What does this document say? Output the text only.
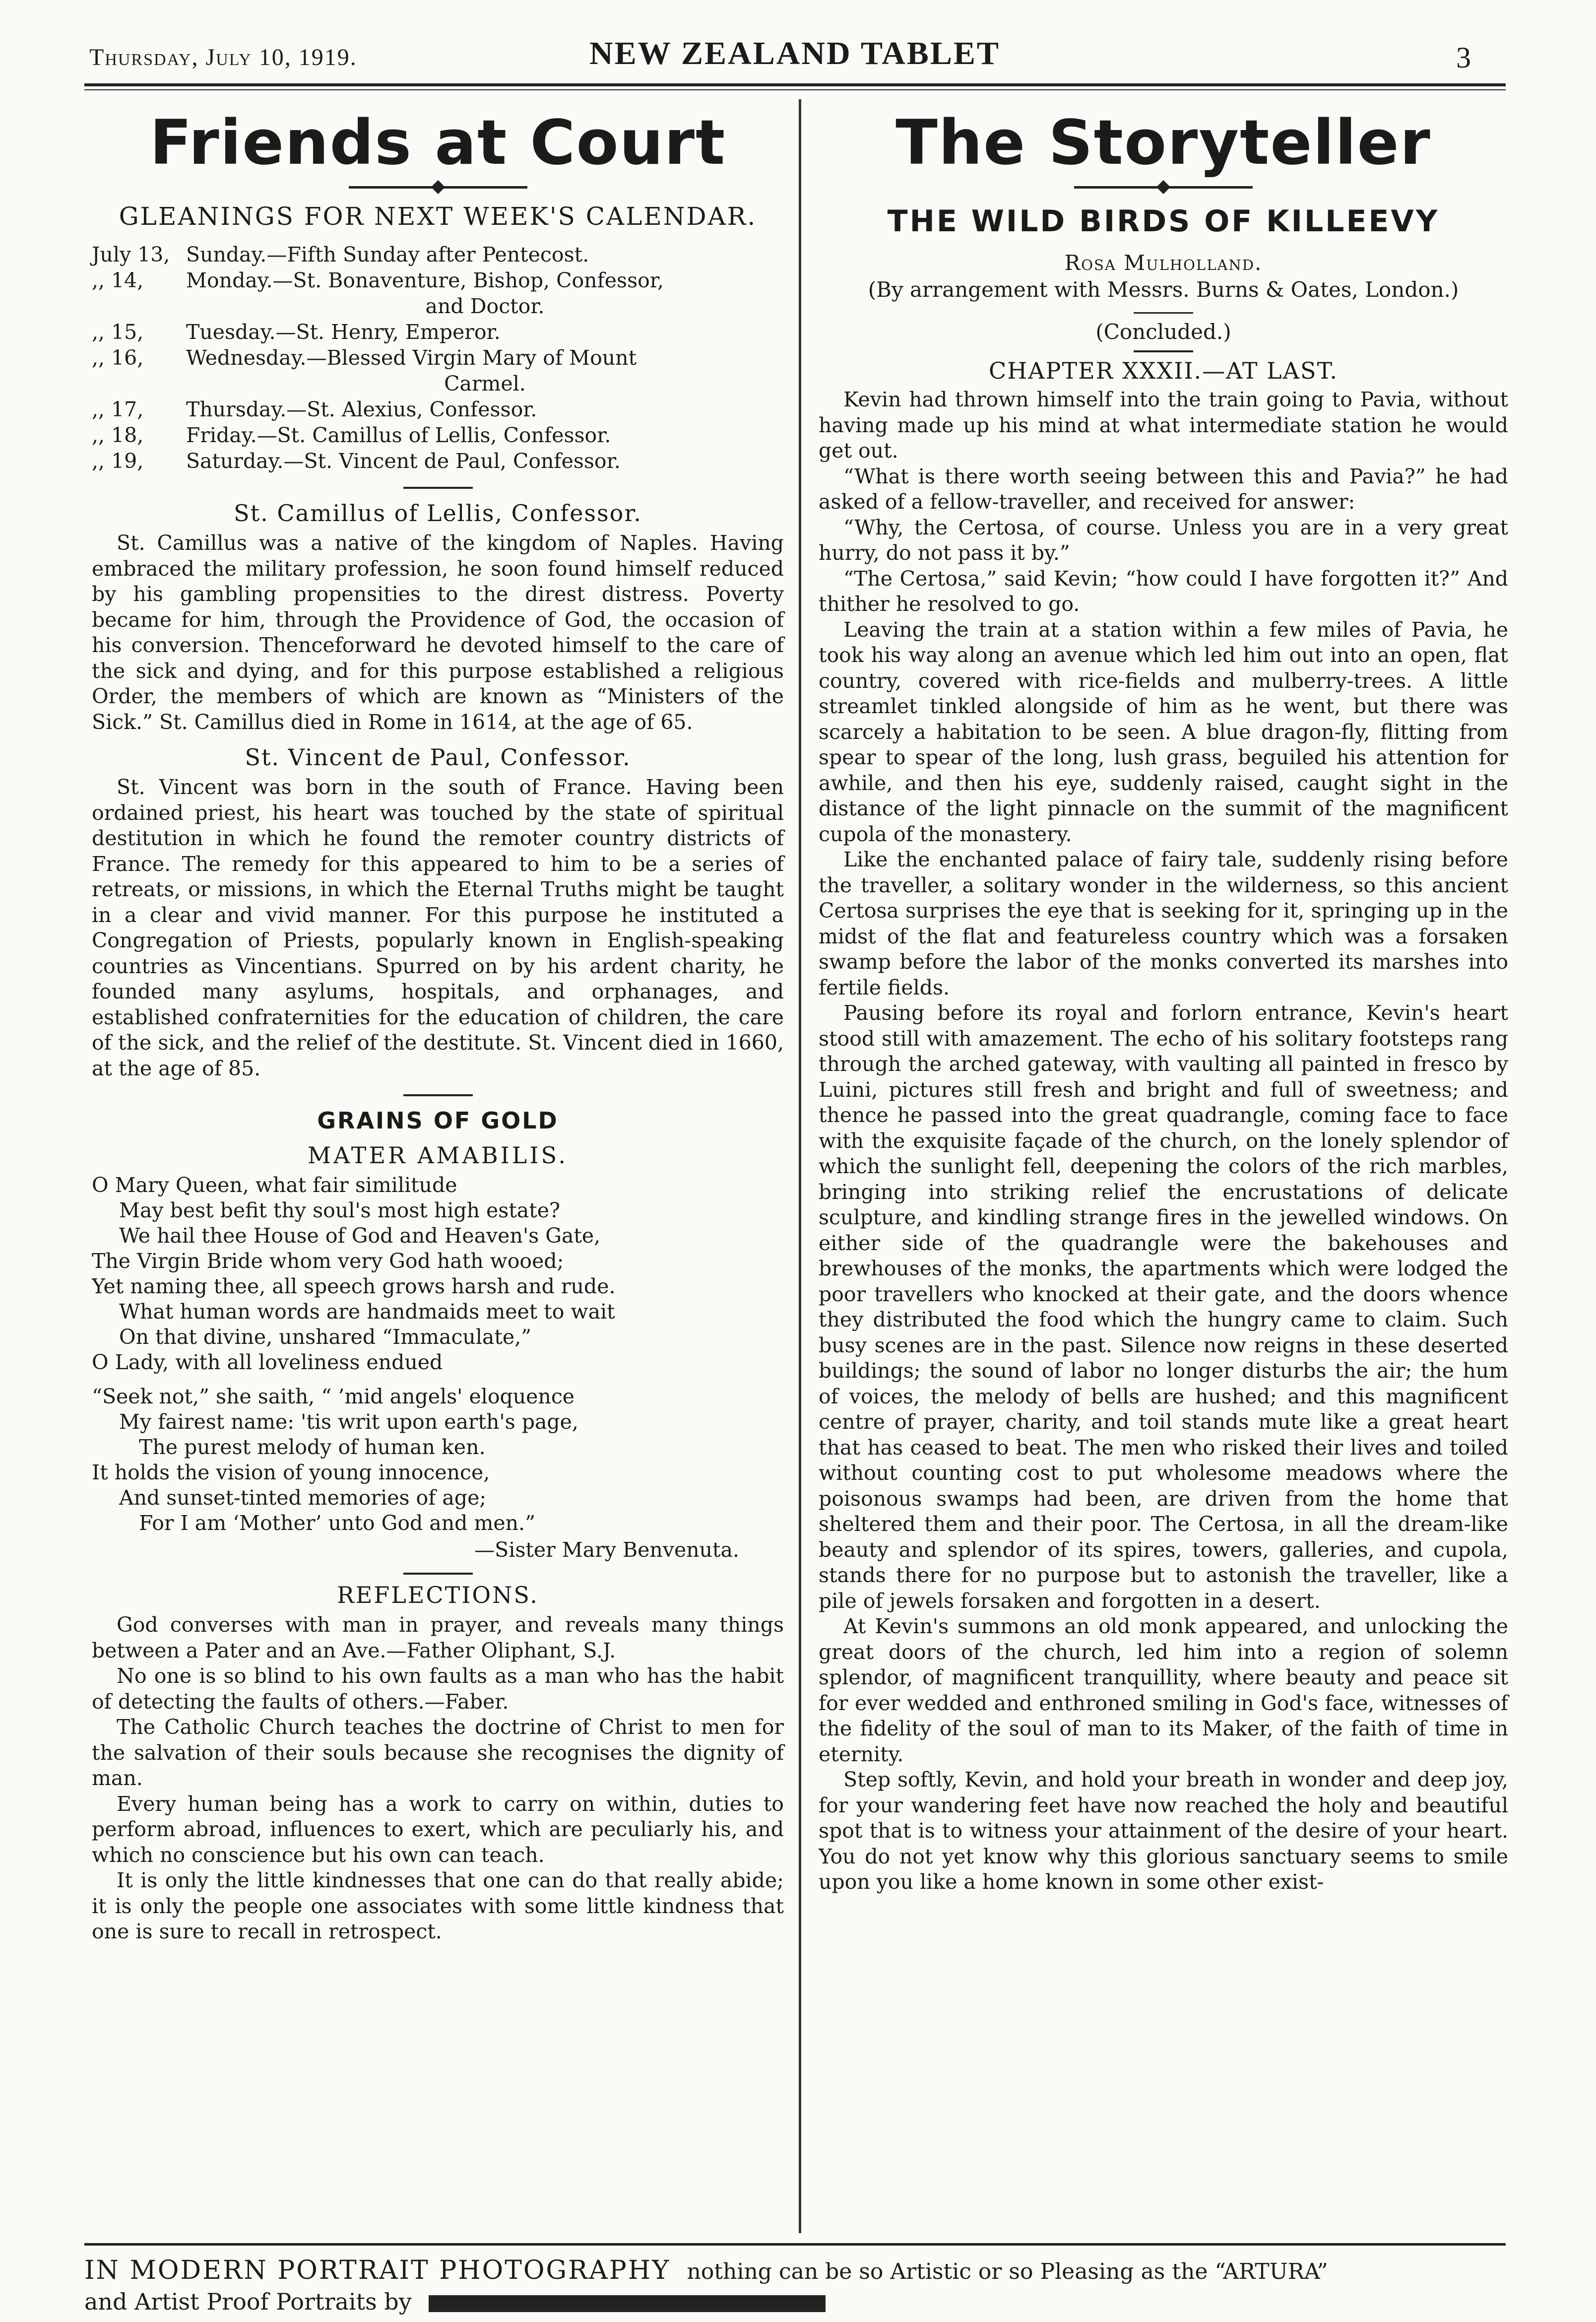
Thursday, July 10, 1919.	NEW ZEALAND TABLET	3
Friends at Court
GLEANINGS FOR NEXT WEEK'S CALENDAR.
July 13, Sunday.—Fifth Sunday after Pentecost.
,, 14,	Monday.—St. Bonaventure, Bishop, Confessor,
and Doctor.
,, 15,	Tuesday.—St. Henry, Emperor.
,, 16,	Wednesday.—Blessed Virgin Mary of Mount
Carmel.
,, 17,	Thursday.—St. Alexius, Confessor.
,, 18,	Friday.—St. Camillus of Lellis, Confessor.
,, 19,	Saturday.—St. Vincent de Paul, Confessor.
St. Camillus of Lellis, Confessor.

St. Camillus was a native of the kingdom of Naples. Having embraced the military profession, he soon found himself reduced by his gambling propensities to the direst distress. Poverty became for him, through the Providence of God, the occasion of his conversion. Thenceforward he devoted himself to the care of the sick and dying, and for this purpose established a religious Order, the members of which are known as “Ministers of the Sick.” St. Camillus died in Rome in 1614, at the age of 65.

St. Vincent de Paul, Confessor.

St. Vincent was born in the south of France. Having been ordained priest, his heart was touched by the state of spiritual destitution in which he found the remoter country districts of France. The remedy for this appeared to him to be a series of retreats, or missions, in which the Eternal Truths might be taught in a clear and vivid manner. For this purpose he instituted a Congregation of Priests, popularly known in English-speaking countries as Vincentians. Spurred on by his ardent charity, he founded many asylums, hospitals, and orphanages, and established confraternities for the education of children, the care of the sick, and the relief of the destitute. St. Vincent died in 1660, at the age of 85.

GRAINS OF GOLD
MATER AMABILIS.
O Mary Queen, what fair similitude
May best befit thy soul's most high estate?
We hail thee House of God and Heaven's Gate,
The Virgin Bride whom very God hath wooed;
Yet naming thee, all speech grows harsh and rude.
What human words are handmaids meet to wait
On that divine, unshared “Immaculate,”
O Lady, with all loveliness endued
“Seek not,” she saith, “ ’mid angels' eloquence
My fairest name: 'tis writ upon earth's page,
The purest melody of human ken.
It holds the vision of young innocence,
And sunset-tinted memories of age;
For I am ‘Mother’ unto God and men.”
—Sister Mary Benvenuta.
REFLECTIONS.

God converses with man in prayer, and reveals many things between a Pater and an Ave.—Father Oliphant, S.J.

No one is so blind to his own faults as a man who has the habit of detecting the faults of others.—Faber.

The Catholic Church teaches the doctrine of Christ to men for the salvation of their souls because she recognises the dignity of man.

Every human being has a work to carry on within, duties to perform abroad, influences to exert, which are peculiarly his, and which no conscience but his own can teach.

It is only the little kindnesses that one can do that really abide; it is only the people one associates with some little kindness that one is sure to recall in retrospect.

The Storyteller
THE WILD BIRDS OF KILLEEVY
Rosa Mulholland.
(By arrangement with Messrs. Burns & Oates, London.)
(Concluded.)
CHAPTER XXXII.—AT LAST.

Kevin had thrown himself into the train going to Pavia, without having made up his mind at what intermediate station he would get out.

“What is there worth seeing between this and Pavia?” he had asked of a fellow-traveller, and received for answer:

“Why, the Certosa, of course. Unless you are in a very great hurry, do not pass it by.”

“The Certosa,” said Kevin; “how could I have forgotten it?” And thither he resolved to go.

Leaving the train at a station within a few miles of Pavia, he took his way along an avenue which led him out into an open, flat country, covered with rice-fields and mulberry-trees. A little streamlet tinkled alongside of him as he went, but there was scarcely a habitation to be seen. A blue dragon-fly, flitting from spear to spear of the long, lush grass, beguiled his attention for awhile, and then his eye, suddenly raised, caught sight in the distance of the light pinnacle on the summit of the magnificent cupola of the monastery.

Like the enchanted palace of fairy tale, suddenly rising before the traveller, a solitary wonder in the wilderness, so this ancient Certosa surprises the eye that is seeking for it, springing up in the midst of the flat and featureless country which was a forsaken swamp before the labor of the monks converted its marshes into fertile fields.

Pausing before its royal and forlorn entrance, Kevin's heart stood still with amazement. The echo of his solitary footsteps rang through the arched gateway, with vaulting all painted in fresco by Luini, pictures still fresh and bright and full of sweetness; and thence he passed into the great quadrangle, coming face to face with the exquisite façade of the church, on the lonely splendor of which the sunlight fell, deepening the colors of the rich marbles, bringing into striking relief the encrustations of delicate sculpture, and kindling strange fires in the jewelled windows. On either side of the quadrangle were the bakehouses and brewhouses of the monks, the apartments which were lodged the poor travellers who knocked at their gate, and the doors whence they distributed the food which the hungry came to claim. Such busy scenes are in the past. Silence now reigns in these deserted buildings; the sound of labor no longer disturbs the air; the hum of voices, the melody of bells are hushed; and this magnificent centre of prayer, charity, and toil stands mute like a great heart that has ceased to beat. The men who risked their lives and toiled without counting cost to put wholesome meadows where the poisonous swamps had been, are driven from the home that sheltered them and their poor. The Certosa, in all the dream-like beauty and splendor of its spires, towers, galleries, and cupola, stands there for no purpose but to astonish the traveller, like a pile of jewels forsaken and forgotten in a desert.

At Kevin's summons an old monk appeared, and unlocking the great doors of the church, led him into a region of solemn splendor, of magnificent tranquillity, where beauty and peace sit for ever wedded and enthroned smiling in God's face, witnesses of the fidelity of the soul of man to its Maker, of the faith of time in eternity.

Step softly, Kevin, and hold your breath in wonder and deep joy, for your wandering feet have now reached the holy and beautiful spot that is to witness your attainment of the desire of your heart. You do not yet know why this glorious sanctuary seems to smile upon you like a home known in some other exist-

IN MODERN PORTRAIT PHOTOGRAPHY nothing can be so Artistic or so Pleasing as the “ARTURA”
and Artist Proof Portraits by
